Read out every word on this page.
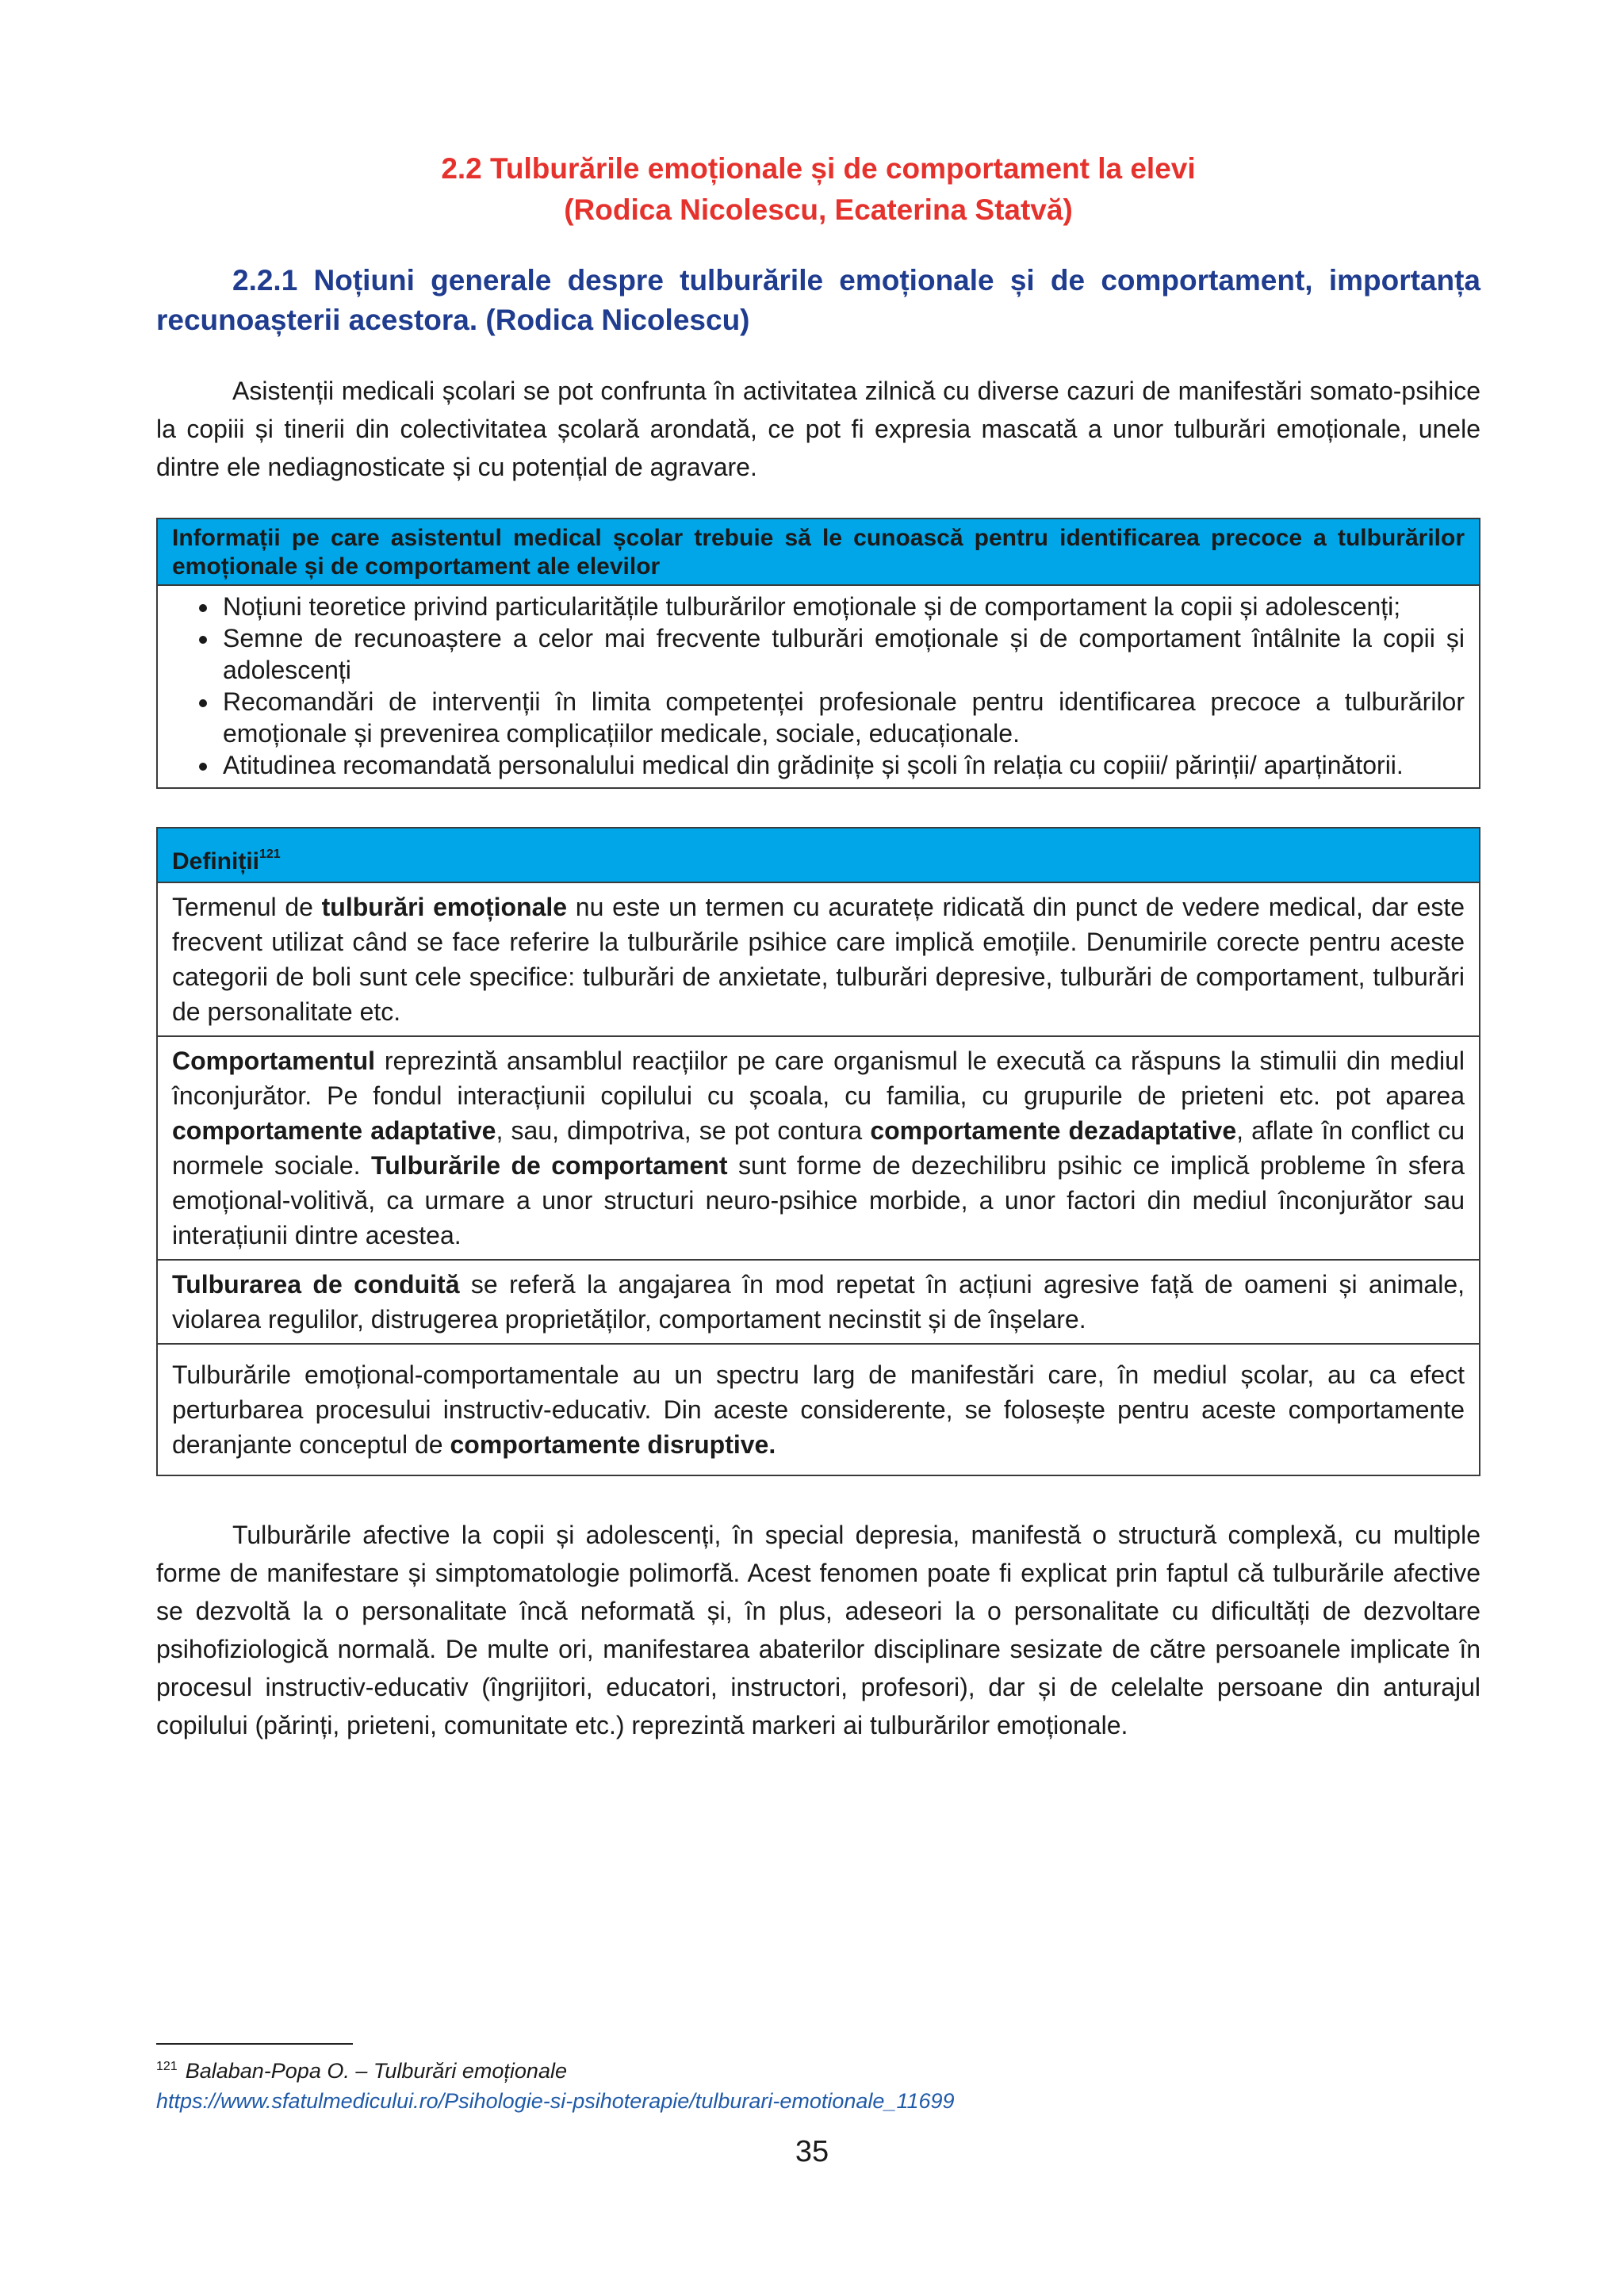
2.2 Tulburările emoționale și de comportament la elevi
(Rodica Nicolescu, Ecaterina Statvă)
2.2.1 Noțiuni generale despre tulburările emoționale și de comportament, importanța recunoașterii acestora. (Rodica Nicolescu)

Asistenții medicali școlari se pot confrunta în activitatea zilnică cu diverse cazuri de manifestări somato-psihice la copiii și tinerii din colectivitatea școlară arondată, ce pot fi expresia mascată a unor tulburări emoționale, unele dintre ele nediagnosticate și cu potențial de agravare.

Informații pe care asistentul medical școlar trebuie să le cunoască pentru identificarea precoce a tulburărilor emoționale și de comportament ale elevilor
• Noțiuni teoretice privind particularitățile tulburărilor emoționale și de comportament la copii și adolescenți;
• Semne de recunoaștere a celor mai frecvente tulburări emoționale și de comportament întâlnite la copii și adolescenți
• Recomandări de intervenții în limita competenței profesionale pentru identificarea precoce a tulburărilor emoționale și prevenirea complicațiilor medicale, sociale, educaționale.
• Atitudinea recomandată personalului medical din grădinițe și școli în relația cu copiii/ părinții/ aparținătorii.
Definiții$^{121}$
Termenul de tulburări emoționale nu este un termen cu acuratețe ridicată din punct de vedere medical, dar este frecvent utilizat când se face referire la tulburările psihice care implică emoțiile. Denumirile corecte pentru aceste categorii de boli sunt cele specifice: tulburări de anxietate, tulburări depresive, tulburări de comportament, tulburări de personalitate etc.
Comportamentul reprezintă ansamblul reacțiilor pe care organismul le execută ca răspuns la stimulii din mediul înconjurător. Pe fondul interacțiunii copilului cu școala, cu familia, cu grupurile de prieteni etc. pot aparea comportamente adaptative, sau, dimpotriva, se pot contura comportamente dezadaptative, aflate în conflict cu normele sociale. Tulburările de comportament sunt forme de dezechilibru psihic ce implică probleme în sfera emoțional-volitivă, ca urmare a unor structuri neuro-psihice morbide, a unor factori din mediul înconjurător sau interațiunii dintre acestea.
Tulburarea de conduită se referă la angajarea în mod repetat în acțiuni agresive față de oameni și animale, violarea regulilor, distrugerea proprietăților, comportament necinstit și de înșelare.
Tulburările emoțional-comportamentale au un spectru larg de manifestări care, în mediul școlar, au ca efect perturbarea procesului instructiv-educativ. Din aceste considerente, se folosește pentru aceste comportamente deranjante conceptul de comportamente disruptive.

Tulburările afective la copii și adolescenți, în special depresia, manifestă o structură complexă, cu multiple forme de manifestare și simptomatologie polimorfă. Acest fenomen poate fi explicat prin faptul că tulburările afective se dezvoltă la o personalitate încă neformată și, în plus, adeseori la o personalitate cu dificultăți de dezvoltare psihofiziologică normală. De multe ori, manifestarea abaterilor disciplinare sesizate de către persoanele implicate în procesul instructiv-educativ (îngrijitori, educatori, instructori, profesori), dar și de celelalte persoane din anturajul copilului (părinți, prieteni, comunitate etc.) reprezintă markeri ai tulburărilor emoționale.

$^{121}$ Balaban-Popa O. – Tulburări emoționale
https://www.sfatulmedicului.ro/Psihologie-si-psihoterapie/tulburari-emotionale_11699
35
